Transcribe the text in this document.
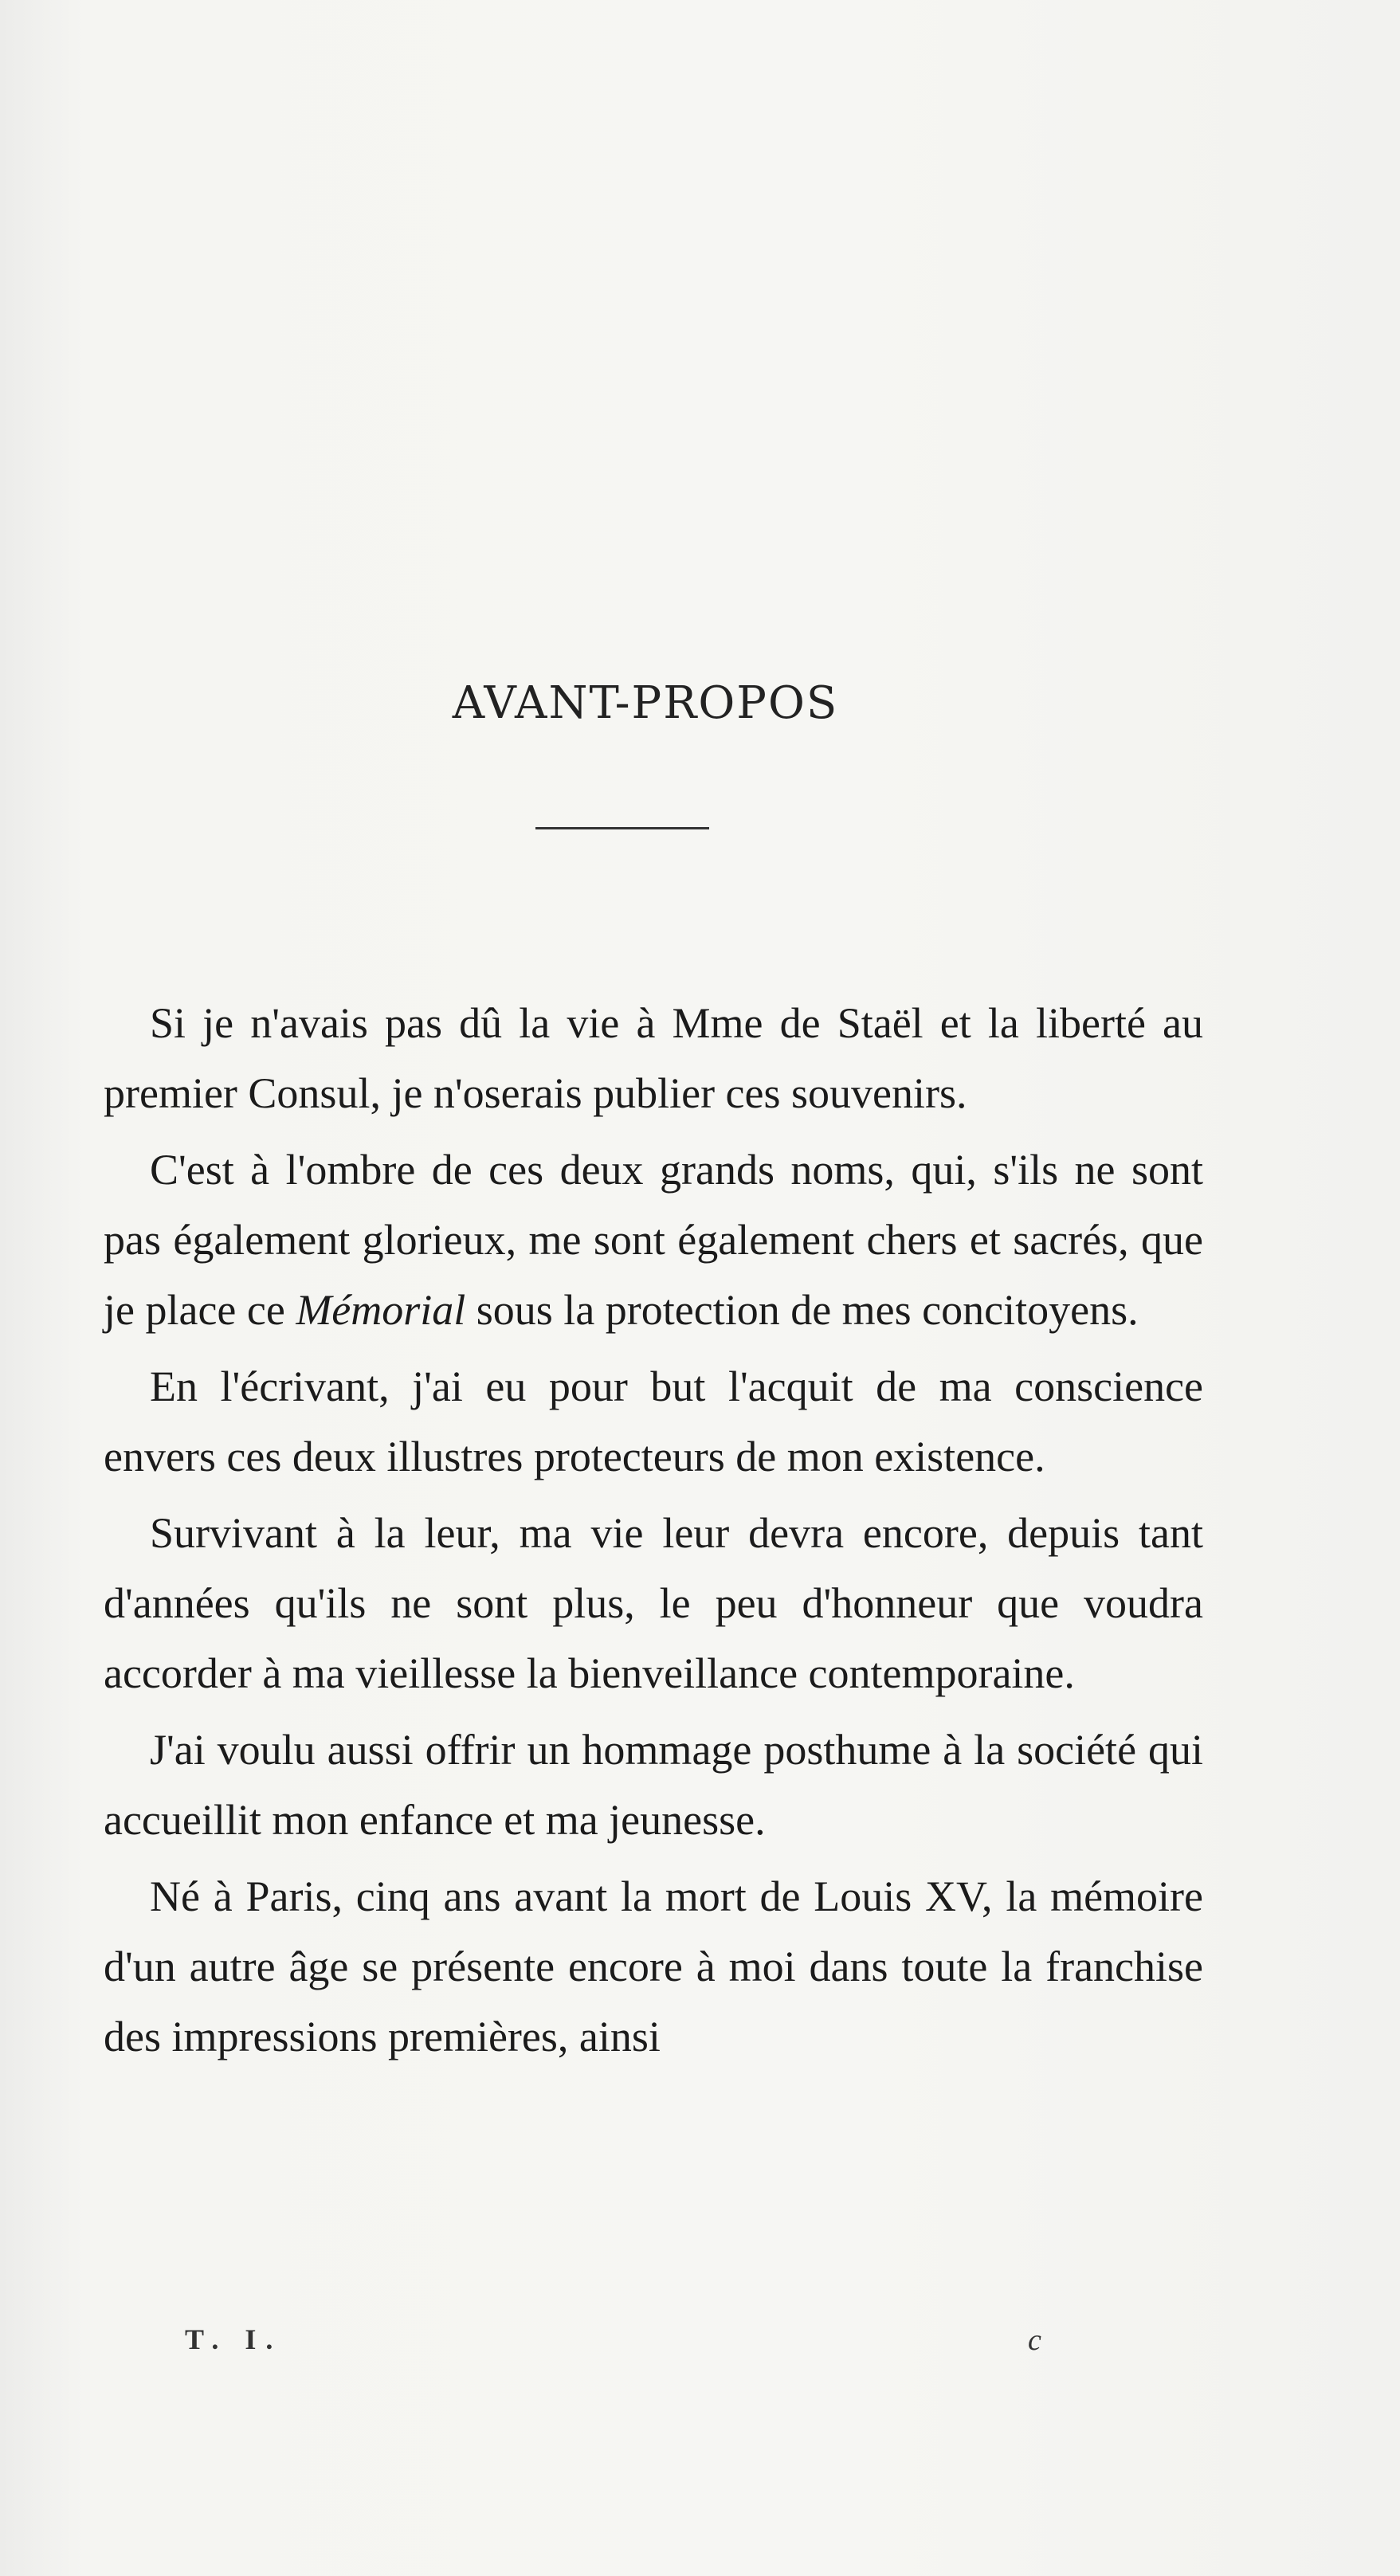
AVANT-PROPOS

Si je n'avais pas dû la vie à Mme de Staël et la liberté au premier Consul, je n'oserais publier ces souvenirs.

C'est à l'ombre de ces deux grands noms, qui, s'ils ne sont pas également glorieux, me sont également chers et sacrés, que je place ce Mémorial sous la protection de mes concitoyens.

En l'écrivant, j'ai eu pour but l'acquit de ma conscience envers ces deux illustres protecteurs de mon existence.

Survivant à la leur, ma vie leur devra encore, depuis tant d'années qu'ils ne sont plus, le peu d'honneur que voudra accorder à ma vieillesse la bienveillance contemporaine.

J'ai voulu aussi offrir un hommage posthume à la société qui accueillit mon enfance et ma jeunesse.

Né à Paris, cinq ans avant la mort de Louis XV, la mémoire d'un autre âge se présente encore à moi dans toute la franchise des impressions premières, ainsi

T. I.	c
